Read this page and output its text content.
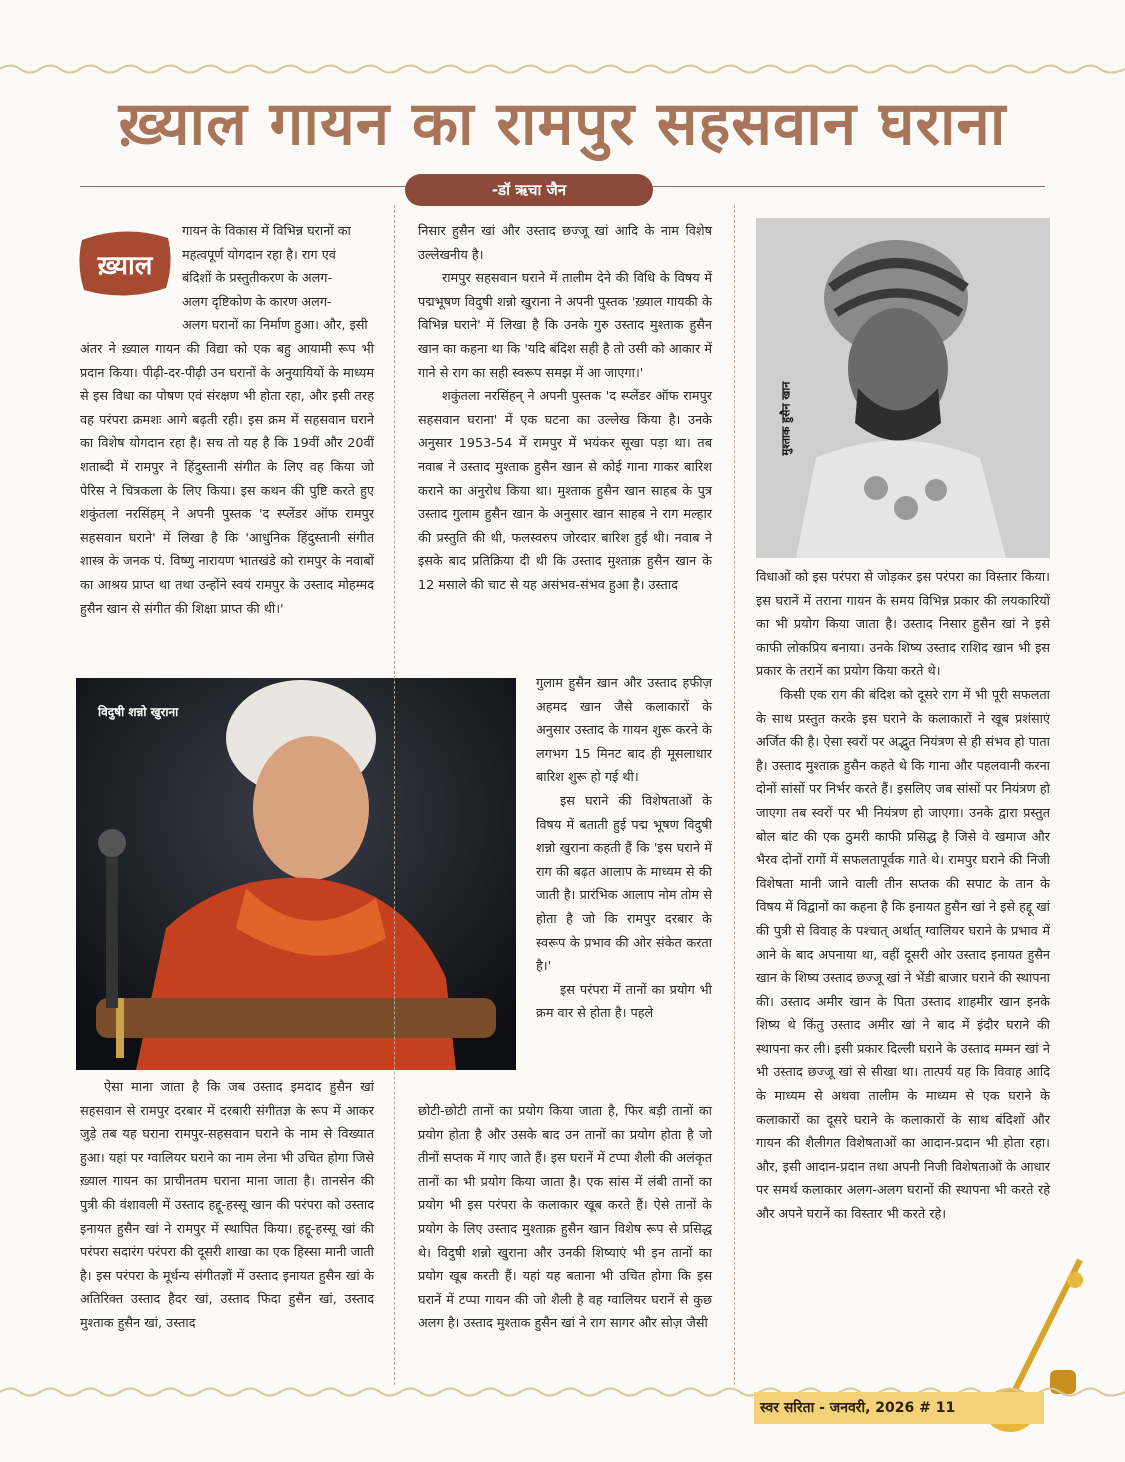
ख़्याल गायन का रामपुर सहसवान घराना
-डॉ ऋचा जैन
ख़्याल
गायन के विकास में विभिन्न घरानों का
महत्वपूर्ण योगदान रहा है। राग एवं
बंदिशों के प्रस्तुतीकरण के अलग-
अलग दृष्टिकोण के कारण अलग-
अलग घरानों का निर्माण हुआ। और, इसी

अंतर ने ख़्याल गायन की विद्या को एक बहु आयामी रूप भी प्रदान किया। पीढ़ी-दर-पीढ़ी उन घरानों के अनुयायियों के माध्यम से इस विधा का पोषण एवं संरक्षण भी होता रहा, और इसी तरह वह परंपरा क्रमशः आगे बढ़ती रही। इस क्रम में सहसवान घराने का विशेष योगदान रहा है। सच तो यह है कि 19वीं और 20वीं शताब्दी में रामपुर ने हिंदुस्तानी संगीत के लिए वह किया जो पेरिस ने चित्रकला के लिए किया। इस कथन की पुष्टि करते हुए शकुंतला नरसिंहम् ने अपनी पुस्तक 'द स्प्लेंडर ऑफ रामपुर सहसवान घराने' में लिखा है कि 'आधुनिक हिंदुस्तानी संगीत शास्त्र के जनक पं. विष्णु नारायण भातखंडे को रामपुर के नवाबों का आश्रय प्राप्त था तथा उन्होंने स्वयं रामपुर के उस्ताद मोहम्मद हुसैन खान से संगीत की शिक्षा प्राप्त की थी।'

विदुषी शन्नो खुराना

ऐसा माना जाता है कि जब उस्ताद इमदाद हुसैन खां सहसवान से रामपुर दरबार में दरबारी संगीतज्ञ के रूप में आकर जुड़े तब यह घराना रामपुर-सहसवान घराने के नाम से विख्यात हुआ। यहां पर ग्वालियर घराने का नाम लेना भी उचित होगा जिसे ख़्याल गायन का प्राचीनतम घराना माना जाता है। तानसेन की पुत्री की वंशावली में उस्ताद हद्दू-हस्सू खान की परंपरा को उस्ताद इनायत हुसैन खां ने रामपुर में स्थापित किया। हद्दू-हस्सू खां की परंपरा सदारंग परंपरा की दूसरी शाखा का एक हिस्सा मानी जाती है। इस परंपरा के मूर्धन्य संगीतज्ञों में उस्ताद इनायत हुसैन खां के अतिरिक्त उस्ताद हैदर खां, उस्ताद फिदा हुसैन खां, उस्ताद मुश्ताक हुसैन खां, उस्ताद

निसार हुसैन खां और उस्ताद छज्जू खां आदि के नाम विशेष उल्लेखनीय है।

रामपुर सहसवान घराने में तालीम देने की विधि के विषय में पद्मभूषण विदुषी शन्नो खुराना ने अपनी पुस्तक 'ख़्याल गायकी के विभिन्न घराने' में लिखा है कि उनके गुरु उस्ताद मुश्ताक हुसैन खान का कहना था कि 'यदि बंदिश सही है तो उसी को आकार में गाने से राग का सही स्वरूप समझ में आ जाएगा।'

शकुंतला नरसिंहन् ने अपनी पुस्तक 'द स्प्लेंडर ऑफ रामपुर सहसवान घराना' में एक घटना का उल्लेख किया है। उनके अनुसार 1953-54 में रामपुर में भयंकर सूखा पड़ा था। तब नवाब ने उस्ताद मुश्ताक हुसैन खान से कोई गाना गाकर बारिश कराने का अनुरोध किया था। मुश्ताक हुसैन खान साहब के पुत्र उस्ताद गुलाम हुसैन खान के अनुसार खान साहब ने राग मल्हार की प्रस्तुति की थी, फलस्वरुप जोरदार बारिश हुई थी। नवाब ने इसके बाद प्रतिक्रिया दी थी कि उस्ताद मुश्ताक़ हुसैन खान के 12 मसाले की चाट से यह असंभव-संभव हुआ है। उस्ताद

गुलाम हुसैन खान और उस्ताद हफीज़ अहमद खान जैसे कलाकारों के अनुसार उस्ताद के गायन शुरू करने के लगभग 15 मिनट बाद ही मूसलाधार बारिश शुरू हो गई थी।

इस घराने की विशेषताओं के विषय में बताती हुई पद्म भूषण विदुषी शन्नो खुराना कहती हैं कि 'इस घराने में राग की बढ़त आलाप के माध्यम से की जाती है। प्रारंभिक आलाप नोम तोम से होता है जो कि रामपुर दरबार के स्वरूप के प्रभाव की ओर संकेत करता है।'

इस परंपरा में तानों का प्रयोग भी क्रम वार से होता है। पहले

छोटी-छोटी तानों का प्रयोग किया जाता है, फिर बड़ी तानों का प्रयोग होता है और उसके बाद उन तानों का प्रयोग होता है जो तीनों सप्तक में गाए जाते हैं। इस घरानें में टप्पा शैली की अलंकृत तानों का भी प्रयोग किया जाता है। एक सांस में लंबी तानों का प्रयोग भी इस परंपरा के कलाकार खूब करते हैं। ऐसे तानों के प्रयोग के लिए उस्ताद मुश्ताक़ हुसैन खान विशेष रूप से प्रसिद्ध थे। विदुषी शन्नो खुराना और उनकी शिष्याएं भी इन तानों का प्रयोग खूब करती हैं। यहां यह बताना भी उचित होगा कि इस घरानें में टप्पा गायन की जो शैली है वह ग्वालियर घरानें से कुछ अलग है। उस्ताद मुश्ताक हुसैन खां ने राग सागर और सोज़ जैसी

मुश्ताक हुसैन खान

विधाओं को इस परंपरा से जोड़कर इस परंपरा का विस्तार किया। इस घरानें में तराना गायन के समय विभिन्न प्रकार की लयकारियों का भी प्रयोग किया जाता है। उस्ताद निसार हुसैन खां ने इसे काफी लोकप्रिय बनाया। उनके शिष्य उस्ताद राशिद खान भी इस प्रकार के तरानें का प्रयोग किया करते थे।

किसी एक राग की बंदिश को दूसरे राग में भी पूरी सफलता के साथ प्रस्तुत करके इस घराने के कलाकारों ने खूब प्रशंसाएं अर्जित की है। ऐसा स्वरों पर अद्भुत नियंत्रण से ही संभव हो पाता है। उस्ताद मुश्ताक़ हुसैन कहते थे कि गाना और पहलवानी करना दोनों सांसों पर निर्भर करते हैं। इसलिए जब सांसों पर नियंत्रण हो जाएगा तब स्वरों पर भी नियंत्रण हो जाएगा। उनके द्वारा प्रस्तुत बोल बांट की एक ठुमरी काफी प्रसिद्ध है जिसे वे खमाज और भैरव दोनों रागों में सफलतापूर्वक गाते थे। रामपुर घराने की निजी विशेषता मानी जाने वाली तीन सप्तक की सपाट के तान के विषय में विद्वानों का कहना है कि इनायत हुसैन खां ने इसे हद्दू खां की पुत्री से विवाह के पश्चात् अर्थात् ग्वालियर घराने के प्रभाव में आने के बाद अपनाया था, वहीं दूसरी ओर उस्ताद इनायत हुसैन खान के शिष्य उस्ताद छज्जू खां ने भेंडी बाजार घराने की स्थापना की। उस्ताद अमीर खान के पिता उस्ताद शाहमीर खान इनके शिष्य थे किंतु उस्ताद अमीर खां ने बाद में इंदौर घराने की स्थापना कर ली। इसी प्रकार दिल्ली घराने के उस्ताद मम्मन खां ने भी उस्ताद छज्जू खां से सीखा था। तात्पर्य यह कि विवाह आदि के माध्यम से अथवा तालीम के माध्यम से एक घराने के कलाकारों का दूसरे घराने के कलाकारों के साथ बंदिशों और गायन की शैलीगत विशेषताओं का आदान-प्रदान भी होता रहा। और, इसी आदान-प्रदान तथा अपनी निजी विशेषताओं के आधार पर समर्थ कलाकार अलग-अलग घरानों की स्थापना भी करते रहे और अपने घरानें का विस्तार भी करते रहे।

स्वर सरिता - जनवरी, 2026 # 11
